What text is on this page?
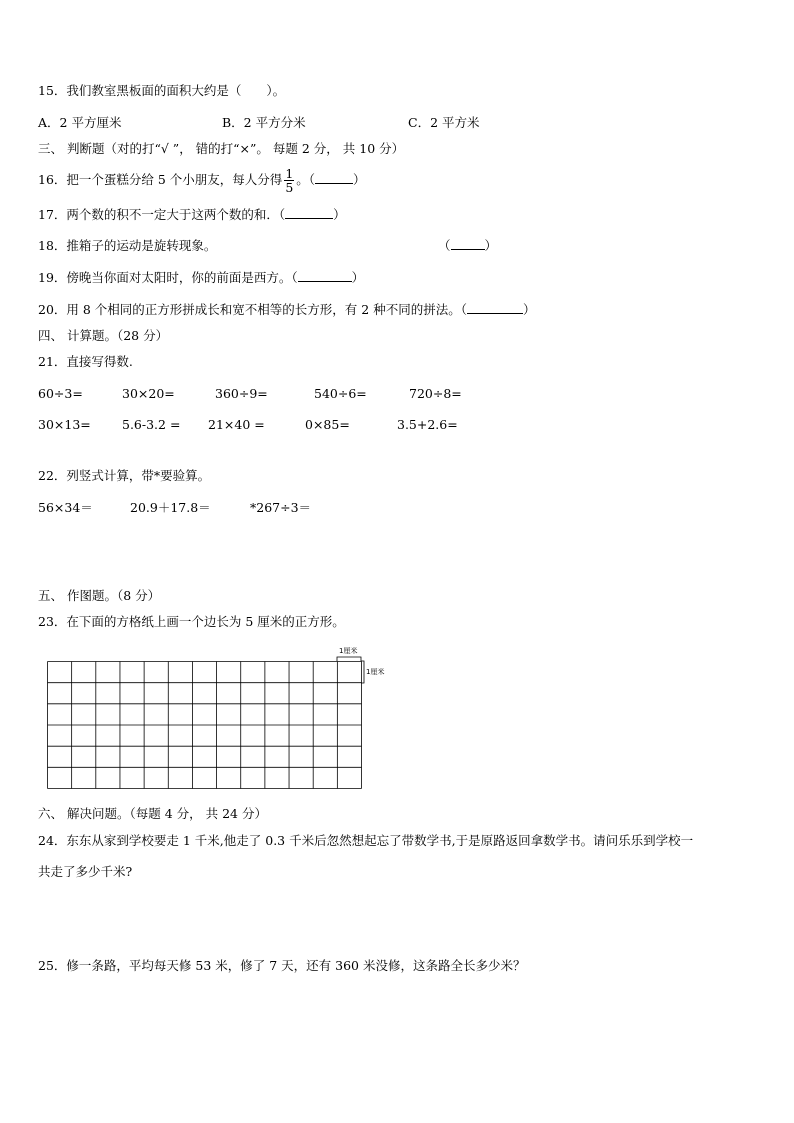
15．我们教室黑板面的面积大约是（　　）。
A．2 平方厘米	B．2 平方分米	C．2 平方米
三、 判断题（对的打“√ ”， 错的打“×”。 每题 2 分， 共 10 分）
16．把一个蛋糕分给 5 个小朋友，每人分得 $\frac{1}{5}$ 。（	）
17．两个数的积不一定大于这两个数的和．（	）
18．推箱子的运动是旋转现象。	（	）
19．傍晚当你面对太阳时，你的前面是西方。（	）
20．用 8 个相同的正方形拼成长和宽不相等的长方形，有 2 种不同的拼法。（	）
四、 计算题。（28 分）
21．直接写得数.
60÷3=	30×20=	360÷9=	540÷6=	720÷8=
30×13= 5.6-3.2 = 21×40 =	0×85=	3.5+2.6=
22．列竖式计算，带*要验算。
56×34＝	20.9＋17.8＝	*267÷3＝
五、 作图题。（8 分）
23．在下面的方格纸上画一个边长为 5 厘米的正方形。
1厘米
1厘米
六、 解决问题。（每题 4 分， 共 24 分）
24．东东从家到学校要走 1 千米,他走了 0.3 千米后忽然想起忘了带数学书,于是原路返回拿数学书。请问乐乐到学校一
共走了多少千米?
25．修一条路，平均每天修 53 米，修了 7 天，还有 360 米没修，这条路全长多少米？
